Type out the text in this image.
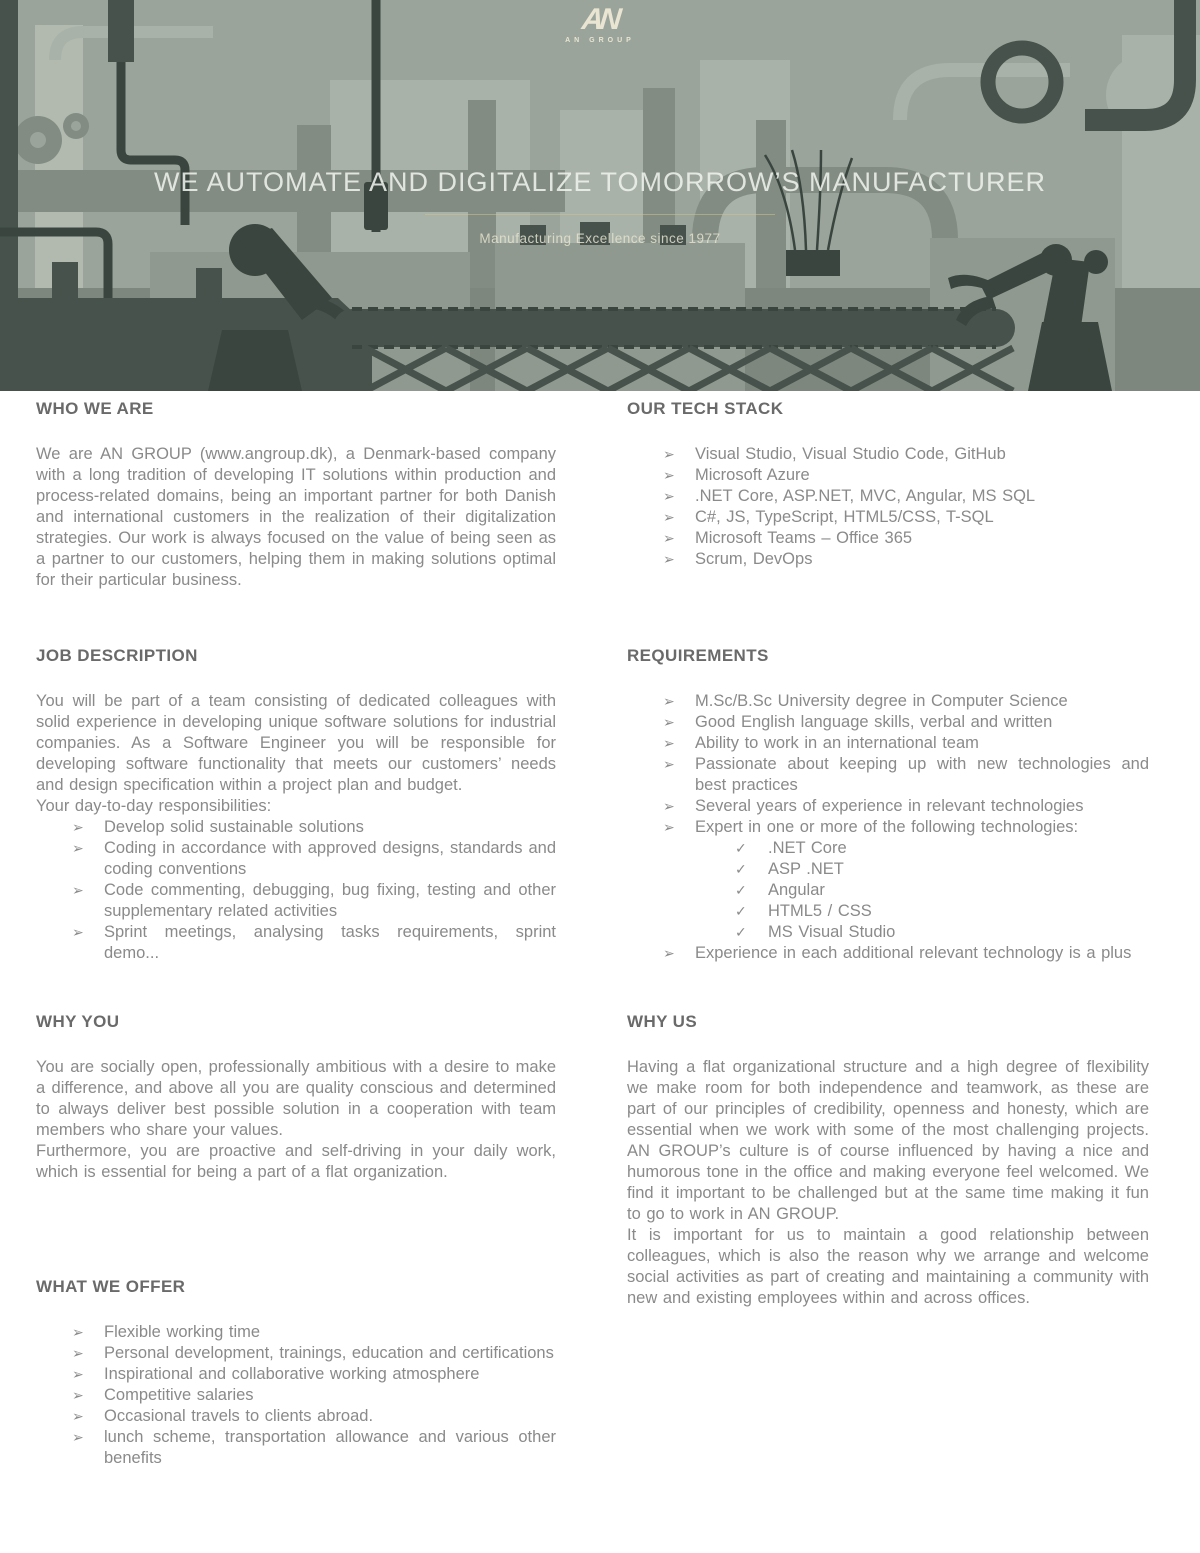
AN
AN GROUP
WE AUTOMATE AND DIGITALIZE TOMORROW’S MANUFACTURER
Manufacturing Excellence since 1977
WHO WE ARE

We are AN GROUP (www.angroup.dk), a Denmark-based company with a long tradition of developing IT solutions within production and process-related domains, being an important partner for both Danish and international customers in the realization of their digitalization strategies. Our work is always focused on the value of being seen as a partner to our customers, helping them in making solutions optimal for their particular business.

OUR TECH STACK
➢	Visual Studio, Visual Studio Code, GitHub
➢	Microsoft Azure
➢	.NET Core, ASP.NET, MVC, Angular, MS SQL
➢	C#, JS, TypeScript, HTML5/CSS, T-SQL
➢	Microsoft Teams – Office 365
➢	Scrum, DevOps
JOB DESCRIPTION

You will be part of a team consisting of dedicated colleagues with solid experience in developing unique software solutions for industrial companies. As a Software Engineer you will be responsible for developing software functionality that meets our customers’ needs and design specification within a project plan and budget.

Your day-to-day responsibilities:

➢	Develop solid sustainable solutions
➢	Coding in accordance with approved designs, standards and coding conventions
➢	Code commenting, debugging, bug fixing, testing and other supplementary related activities
➢	Sprint meetings, analysing tasks requirements, sprint demo...
REQUIREMENTS
➢	M.Sc/B.Sc University degree in Computer Science
➢	Good English language skills, verbal and written
➢	Ability to work in an international team
➢	Passionate about keeping up with new technologies and best practices
➢	Several years of experience in relevant technologies
➢	Expert in one or more of the following technologies:
✓	.NET Core
✓	ASP .NET
✓	Angular
✓	HTML5 / CSS
✓	MS Visual Studio
➢	Experience in each additional relevant technology is a plus
WHY YOU

You are socially open, professionally ambitious with a desire to make a difference, and above all you are quality conscious and determined to always deliver best possible solution in a cooperation with team members who share your values.

Furthermore, you are proactive and self-driving in your daily work, which is essential for being a part of a flat organization.

WHY US

Having a flat organizational structure and a high degree of flexibility we make room for both independence and teamwork, as these are part of our principles of credibility, openness and honesty, which are essential when we work with some of the most challenging projects. AN GROUP’s culture is of course influenced by having a nice and humorous tone in the office and making everyone feel welcomed. We find it important to be challenged but at the same time making it fun to go to work in AN GROUP.

It is important for us to maintain a good relationship between colleagues, which is also the reason why we arrange and welcome social activities as part of creating and maintaining a community with new and existing employees within and across offices.

WHAT WE OFFER
➢	Flexible working time
➢	Personal development, trainings, education and certifications
➢	Inspirational and collaborative working atmosphere
➢	Competitive salaries
➢	Occasional travels to clients abroad.
➢	lunch scheme, transportation allowance and various other benefits
